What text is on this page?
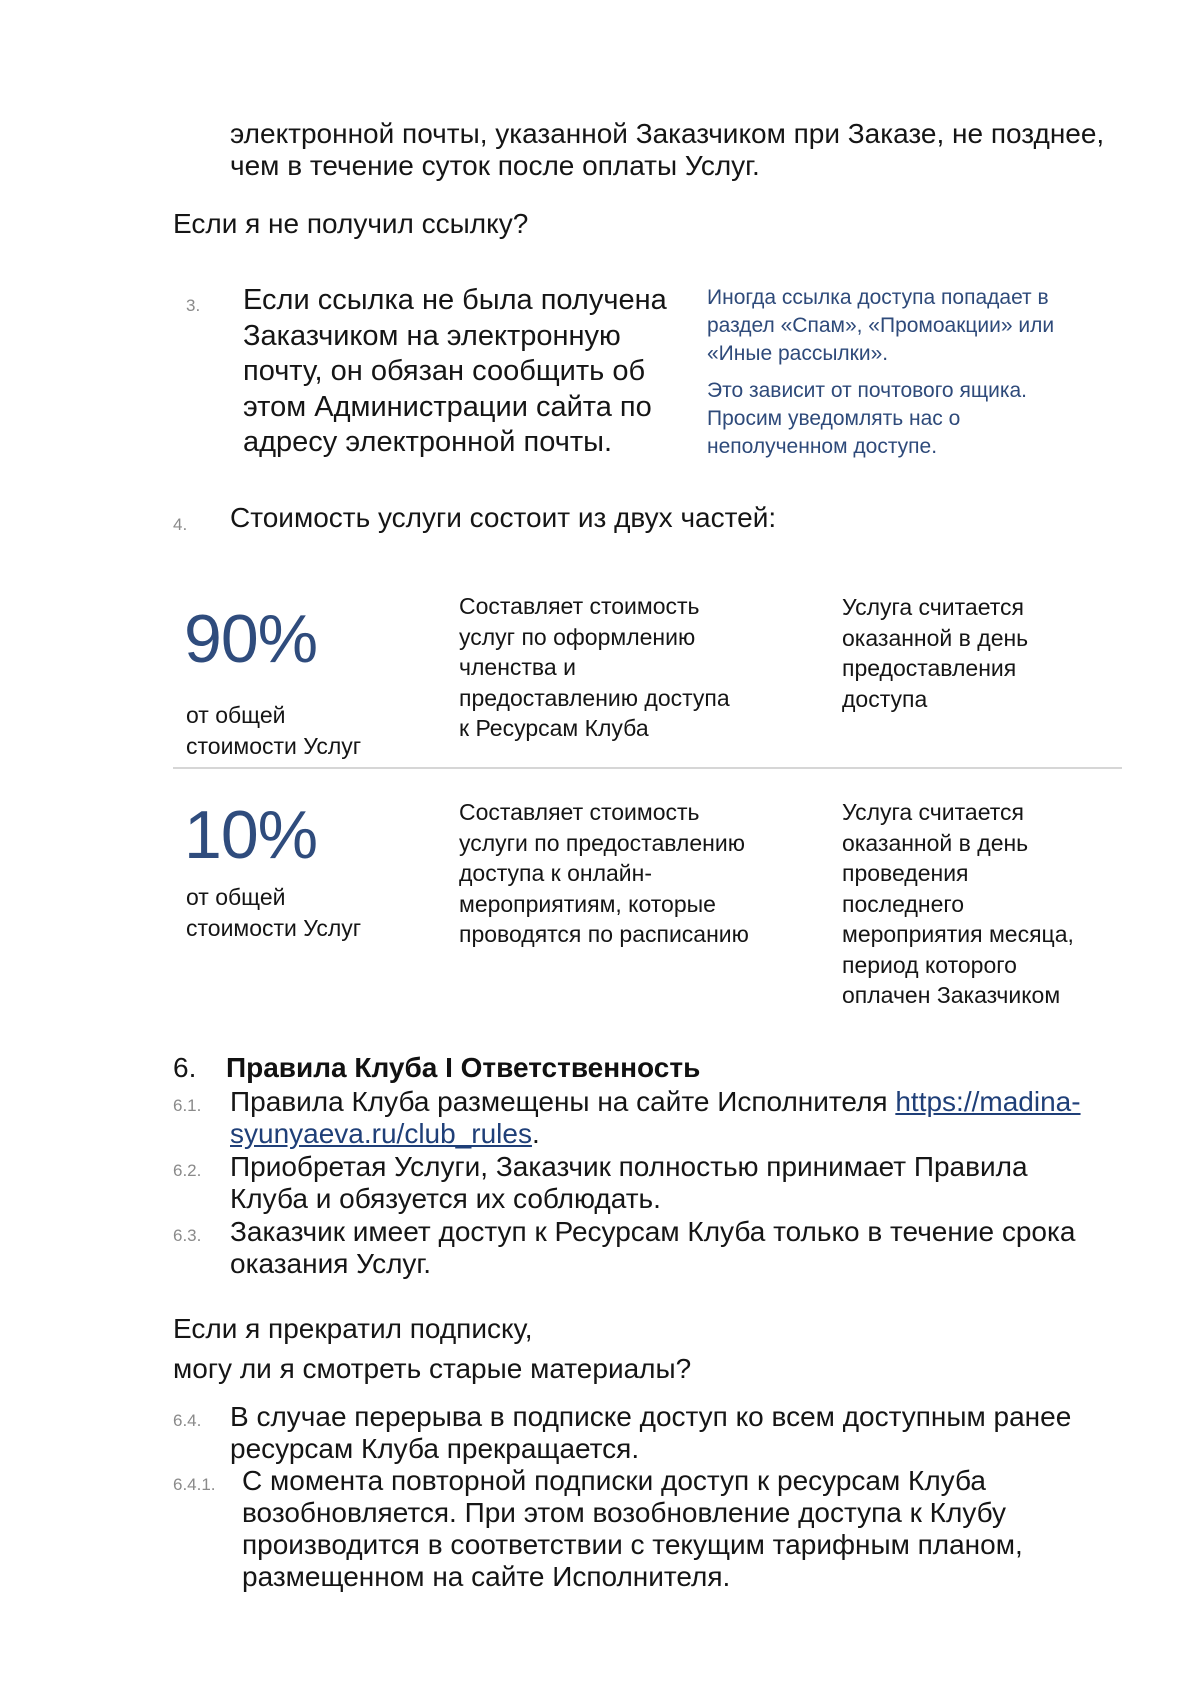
электронной почты, указанной Заказчиком при Заказе, не позднее,
чем в течение суток после оплаты Услуг.
Если я не получил ссылку?
3. Если ссылка не была получена
Заказчиком на электронную
почту, он обязан сообщить об
этом Администрации сайта по
адресу электронной почты.
Иногда ссылка доступа попадает в
раздел «Спам», «Промоакции» или
«Иные рассылки».
Это зависит от почтового ящика.
Просим уведомлять нас о
неполученном доступе.
4. Стоимость услуги состоит из двух частей:
90%
от общей
стоимости Услуг
Составляет стоимость
услуг по оформлению
членства и
предоставлению доступа
к Ресурсам Клуба
Услуга считается
оказанной в день
предоставления
доступа
10%
от общей
стоимости Услуг
Составляет стоимость
услуги по предоставлению
доступа к онлайн-
мероприятиям, которые
проводятся по расписанию
Услуга считается
оказанной в день
проведения
последнего
мероприятия месяца,
период которого
оплачен Заказчиком
6. Правила Клуба I Ответственность
6.1. Правила Клуба размещены на сайте Исполнителя https://madina-
syunyaeva.ru/club_rules.
6.2. Приобретая Услуги, Заказчик полностью принимает Правила
Клуба и обязуется их соблюдать.
6.3. Заказчик имеет доступ к Ресурсам Клуба только в течение срока
оказания Услуг.
Если я прекратил подписку,
могу ли я смотреть старые материалы?
6.4. В случае перерыва в подписке доступ ко всем доступным ранее
ресурсам Клуба прекращается.
6.4.1. С момента повторной подписки доступ к ресурсам Клуба
возобновляется. При этом возобновление доступа к Клубу
производится в соответствии с текущим тарифным планом,
размещенном на сайте Исполнителя.
